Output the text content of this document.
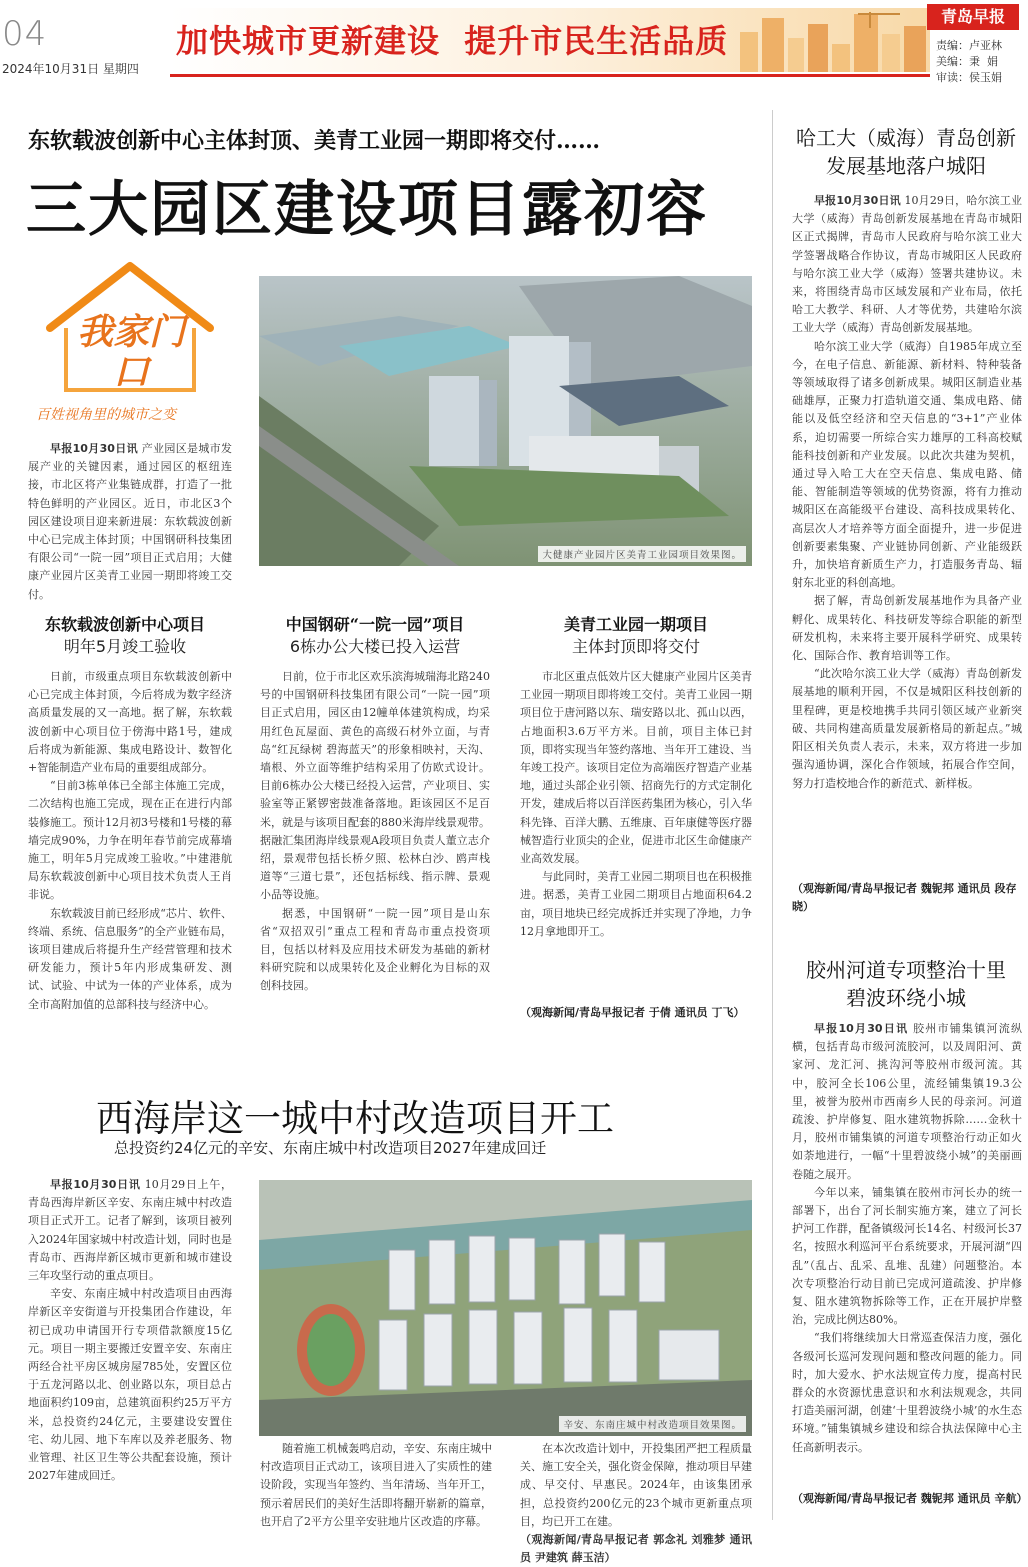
04
2024年10月31日 星期四
加快城市更新建设  提升市民生活品质
青岛早报
责编：卢亚林
美编：秉  娟
审读：侯玉娟
东软载波创新中心主体封顶、美青工业园一期即将交付……
三大园区建设项目露初容
我家门口
百姓视角里的城市之变

早报10月30日讯 产业园区是城市发展产业的关键因素，通过园区的枢纽连接，市北区将产业集链成群，打造了一批特色鲜明的产业园区。近日，市北区3个园区建设项目迎来新进展：东软载波创新中心已完成主体封顶；中国钢研科技集团有限公司“一院一园”项目正式启用；大健康产业园片区美青工业园一期即将竣工交付。

大健康产业园片区美青工业园项目效果图。
东软载波创新中心项目
明年5月竣工验收

日前，市级重点项目东软载波创新中心已完成主体封顶，今后将成为数字经济高质量发展的又一高地。据了解，东软载波创新中心项目位于傍海中路1号，建成后将成为新能源、集成电路设计、数智化+智能制造产业布局的重要组成部分。

“目前3栋单体已全部主体施工完成，二次结构也施工完成，现在正在进行内部装修施工。预计12月初3号楼和1号楼的幕墙完成90%，力争在明年春节前完成幕墙施工，明年5月完成竣工验收。”中建港航局东软载波创新中心项目技术负责人王肖非说。

东软载波目前已经形成“芯片、软件、终端、系统、信息服务”的全产业链布局，该项目建成后将提升生产经营管理和技术研发能力，预计5年内形成集研发、测试、试验、中试为一体的产业体系，成为全市高附加值的总部科技与经济中心。

中国钢研“一院一园”项目
6栋办公大楼已投入运营

日前，位于市北区欢乐滨海城瑞海北路240号的中国钢研科技集团有限公司“一院一园”项目正式启用，园区由12幢单体建筑构成，均采用红色瓦屋面、黄色的高级石材外立面，与青岛“红瓦绿树 碧海蓝天”的形象相映衬，天沟、墙根、外立面等维护结构采用了仿欧式设计。目前6栋办公大楼已经投入运营，产业项目、实验室等正紧锣密鼓准备落地。距该园区不足百米，就是与该项目配套的880米海岸线景观带。据融汇集团海岸线景观A段项目负责人董立志介绍，景观带包括长桥夕照、松林白沙、鸥声栈道等“三道七景”，还包括标线、指示牌、景观小品等设施。

据悉，中国钢研“一院一园”项目是山东省“双招双引”重点工程和青岛市重点投资项目，包括以材料及应用技术研发为基础的新材料研究院和以成果转化及企业孵化为目标的双创科技园。

美青工业园一期项目
主体封顶即将交付

市北区重点低效片区大健康产业园片区美青工业园一期项目即将竣工交付。美青工业园一期项目位于唐河路以东、瑞安路以北、孤山以西，占地面积3.6万平方米。目前，项目主体已封顶，即将实现当年签约落地、当年开工建设、当年竣工投产。该项目定位为高端医疗智造产业基地，通过头部企业引领、招商先行的方式定制化开发，建成后将以百洋医药集团为核心，引入华科先锋、百洋大鹏、五维康、百年康健等医疗器械智造行业顶尖的企业，促进市北区生命健康产业高效发展。

与此同时，美青工业园二期项目也在积极推进。据悉，美青工业园二期项目占地面积64.2亩，项目地块已经完成拆迁并实现了净地，力争12月拿地即开工。

（观海新闻/青岛早报记者 于倩 通讯员 丁飞）
西海岸这一城中村改造项目开工
总投资约24亿元的辛安、东南庄城中村改造项目2027年建成回迁
辛安、东南庄城中村改造项目效果图。

早报10月30日讯 10月29日上午，青岛西海岸新区辛安、东南庄城中村改造项目正式开工。记者了解到，该项目被列入2024年国家城中村改造计划，同时也是青岛市、西海岸新区城市更新和城市建设三年攻坚行动的重点项目。

辛安、东南庄城中村改造项目由西海岸新区辛安街道与开投集团合作建设，年初已成功申请国开行专项借款额度15亿元。项目一期主要搬迁安置辛安、东南庄两经合社平房区城房屋785处，安置区位于五龙河路以北、创业路以东，项目总占地面积约109亩，总建筑面积约25万平方米，总投资约24亿元，主要建设安置住宅、幼儿园、地下车库以及养老服务、物业管理、社区卫生等公共配套设施，预计2027年建成回迁。

随着施工机械轰鸣启动，辛安、东南庄城中村改造项目正式动工，该项目进入了实质性的建设阶段，实现当年签约、当年清场、当年开工，预示着居民们的美好生活即将翻开崭新的篇章，也开启了2平方公里辛安驻地片区改造的序幕。

在本次改造计划中，开投集团严把工程质量关、施工安全关，强化资金保障，推动项目早建成、早交付、早惠民。2024年，由该集团承担，总投资约200亿元的23个城市更新重点项目，均已开工在建。

（观海新闻/青岛早报记者 郭念礼 刘雅梦 通讯员 尹建筑 薛玉洁）
哈工大（威海）青岛创新发展基地落户城阳

早报10月30日讯 10月29日，哈尔滨工业大学（威海）青岛创新发展基地在青岛市城阳区正式揭牌，青岛市人民政府与哈尔滨工业大学签署战略合作协议，青岛市城阳区人民政府与哈尔滨工业大学（威海）签署共建协议。未来，将围绕青岛市区域发展和产业布局，依托哈工大教学、科研、人才等优势，共建哈尔滨工业大学（威海）青岛创新发展基地。

哈尔滨工业大学（威海）自1985年成立至今，在电子信息、新能源、新材料、特种装备等领域取得了诸多创新成果。城阳区制造业基础雄厚，正聚力打造轨道交通、集成电路、储能以及低空经济和空天信息的“3+1”产业体系，迫切需要一所综合实力雄厚的工科高校赋能科技创新和产业发展。以此次共建为契机，通过导入哈工大在空天信息、集成电路、储能、智能制造等领域的优势资源，将有力推动城阳区在高能级平台建设、高科技成果转化、高层次人才培养等方面全面提升，进一步促进创新要素集聚、产业链协同创新、产业能级跃升，加快培育新质生产力，打造服务青岛、辐射东北亚的科创高地。

据了解，青岛创新发展基地作为具备产业孵化、成果转化、科技研发等综合职能的新型研发机构，未来将主要开展科学研究、成果转化、国际合作、教育培训等工作。

“此次哈尔滨工业大学（威海）青岛创新发展基地的顺利开园，不仅是城阳区科技创新的里程碑，更是校地携手共同引领区域产业新突破、共同构建高质量发展新格局的新起点。”城阳区相关负责人表示，未来，双方将进一步加强沟通协调，深化合作领域，拓展合作空间，努力打造校地合作的新范式、新样板。

（观海新闻/青岛早报记者 魏铌邦 通讯员 段存晓）
胶州河道专项整治十里碧波环绕小城

早报10月30日讯 胶州市铺集镇河流纵横，包括青岛市级河流胶河，以及周阳河、黄家河、龙汇河、挑沟河等胶州市级河流。其中，胶河全长106公里，流经铺集镇19.3公里，被誉为胶州市西南乡人民的母亲河。河道疏浚、护岸修复、阻水建筑物拆除……金秋十月，胶州市铺集镇的河道专项整治行动正如火如荼地进行，一幅“十里碧波绕小城”的美丽画卷随之展开。

今年以来，铺集镇在胶州市河长办的统一部署下，出台了河长制实施方案，建立了河长护河工作群，配备镇级河长14名、村级河长37名，按照水利巡河平台系统要求，开展河湖“四乱”（乱占、乱采、乱堆、乱建）问题整治。本次专项整治行动目前已完成河道疏浚、护岸修复、阻水建筑物拆除等工作，正在开展护岸整治，完成比例达80%。

“我们将继续加大日常巡查保洁力度，强化各级河长巡河发现问题和整改问题的能力。同时，加大爱水、护水法规宣传力度，提高村民群众的水资源忧患意识和水利法规观念，共同打造美丽河湖，创建‘十里碧波绕小城’的水生态环境。”铺集镇城乡建设和综合执法保障中心主任高新明表示。

（观海新闻/青岛早报记者 魏铌邦 通讯员 辛航）
